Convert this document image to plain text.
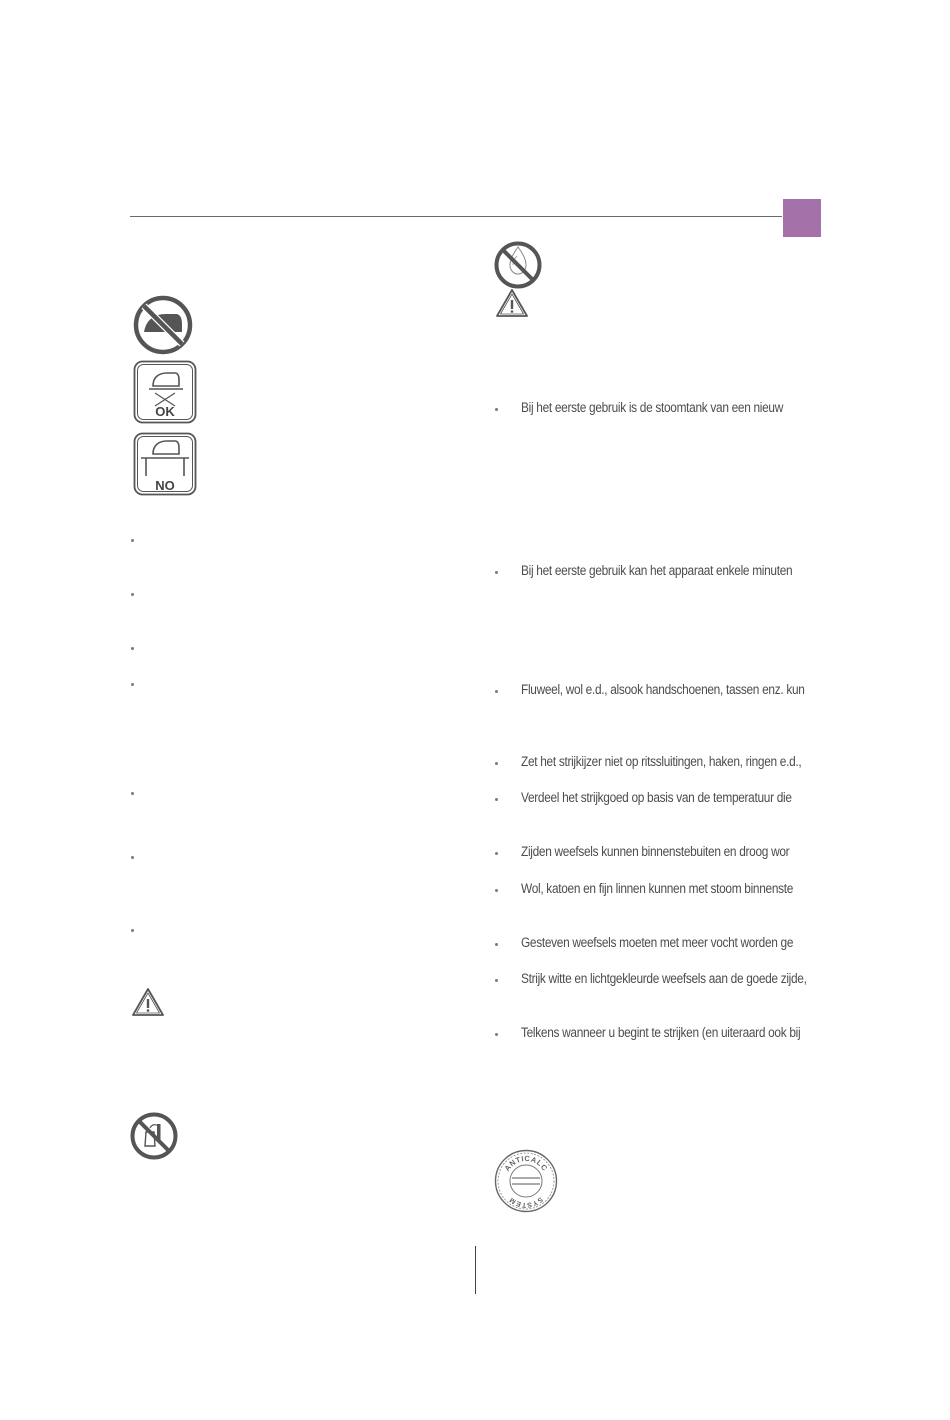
OK
NO
Bij het eerste gebruik is de stoomtank van een nieuw
Bij het eerste gebruik kan het apparaat enkele minuten
Fluweel, wol e.d., alsook handschoenen, tassen enz. kun
Zet het strijkijzer niet op ritssluitingen, haken, ringen e.d.,
Verdeel het strijkgoed op basis van de temperatuur die
Zijden weefsels kunnen binnenstebuiten en droog wor
Wol, katoen en fijn linnen kunnen met stoom binnenste
Gesteven weefsels moeten met meer vocht worden ge
Strijk witte en lichtgekleurde weefsels aan de goede zijde,
Telkens wanneer u begint te strijken (en uiteraard ook bij
ANTICALC
SYSTEM
